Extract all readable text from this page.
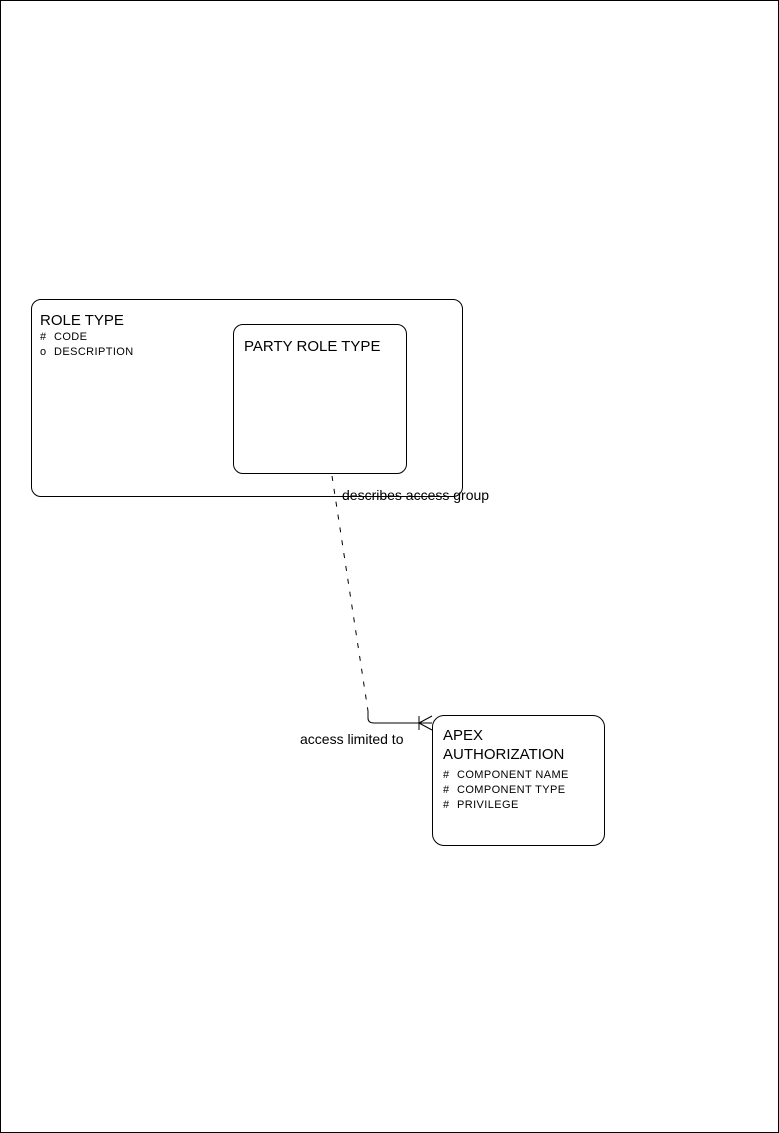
ROLE TYPE
# CODE
o DESCRIPTION	PARTY ROLE TYPE
APEX
AUTHORIZATION
# COMPONENT NAME
# COMPONENT TYPE
# PRIVILEGE
describes access group
access limited to
